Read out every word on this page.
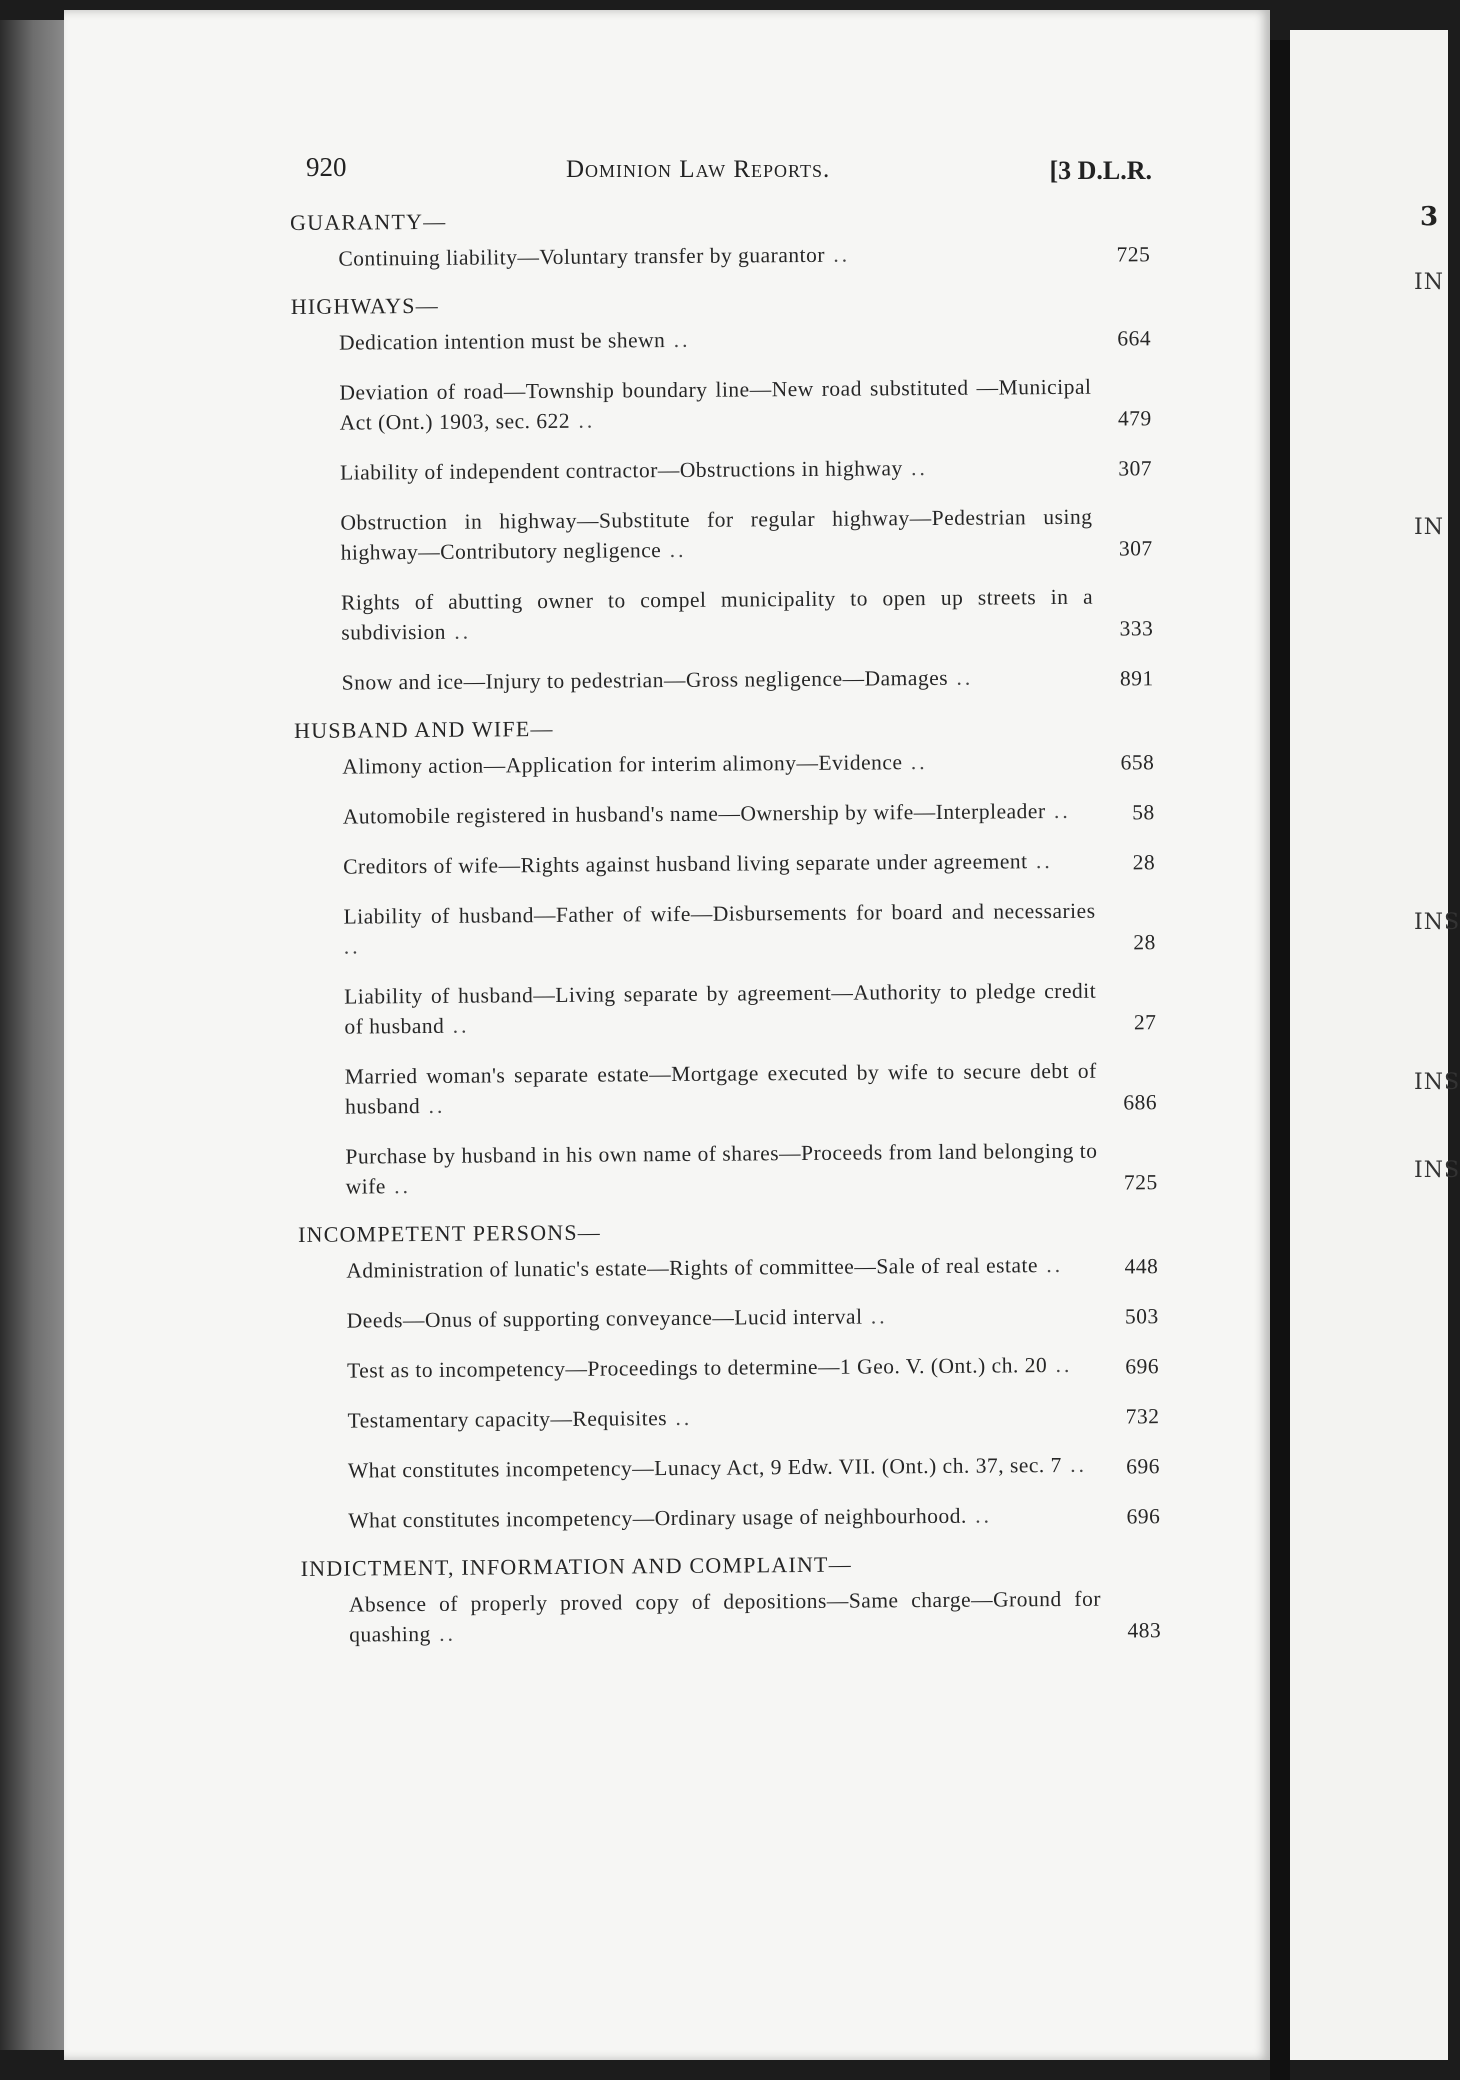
3
IN
IN
INS
INS
INS
920	Dominion Law Reports.	[3 D.L.R.
GUARANTY—
Continuing liability—Voluntary transfer by guarantor ..	725
HIGHWAYS—
Dedication intention must be shewn ..	664
Deviation of road—Township boundary line—New road substituted —Municipal Act (Ont.) 1903, sec. 622 ..	479
Liability of independent contractor—Obstructions in highway ..	307
Obstruction in highway—Substitute for regular highway—Pedestrian using highway—Contributory negligence ..	307
Rights of abutting owner to compel municipality to open up streets in a subdivision ..	333
Snow and ice—Injury to pedestrian—Gross negligence—Damages ..	891
HUSBAND AND WIFE—
Alimony action—Application for interim alimony—Evidence ..	658
Automobile registered in husband's name—Ownership by wife—Interpleader ..	58
Creditors of wife—Rights against husband living separate under agreement ..	28
Liability of husband—Father of wife—Disbursements for board and necessaries ..	28
Liability of husband—Living separate by agreement—Authority to pledge credit of husband ..	27
Married woman's separate estate—Mortgage executed by wife to secure debt of husband ..	686
Purchase by husband in his own name of shares—Proceeds from land belonging to wife ..	725
INCOMPETENT PERSONS—
Administration of lunatic's estate—Rights of committee—Sale of real estate ..	448
Deeds—Onus of supporting conveyance—Lucid interval ..	503
Test as to incompetency—Proceedings to determine—1 Geo. V. (Ont.) ch. 20 ..	696
Testamentary capacity—Requisites ..	732
What constitutes incompetency—Lunacy Act, 9 Edw. VII. (Ont.) ch. 37, sec. 7 ..	696
What constitutes incompetency—Ordinary usage of neighbourhood. ..	696
INDICTMENT, INFORMATION AND COMPLAINT—
Absence of properly proved copy of depositions—Same charge—Ground for quashing ..	483
